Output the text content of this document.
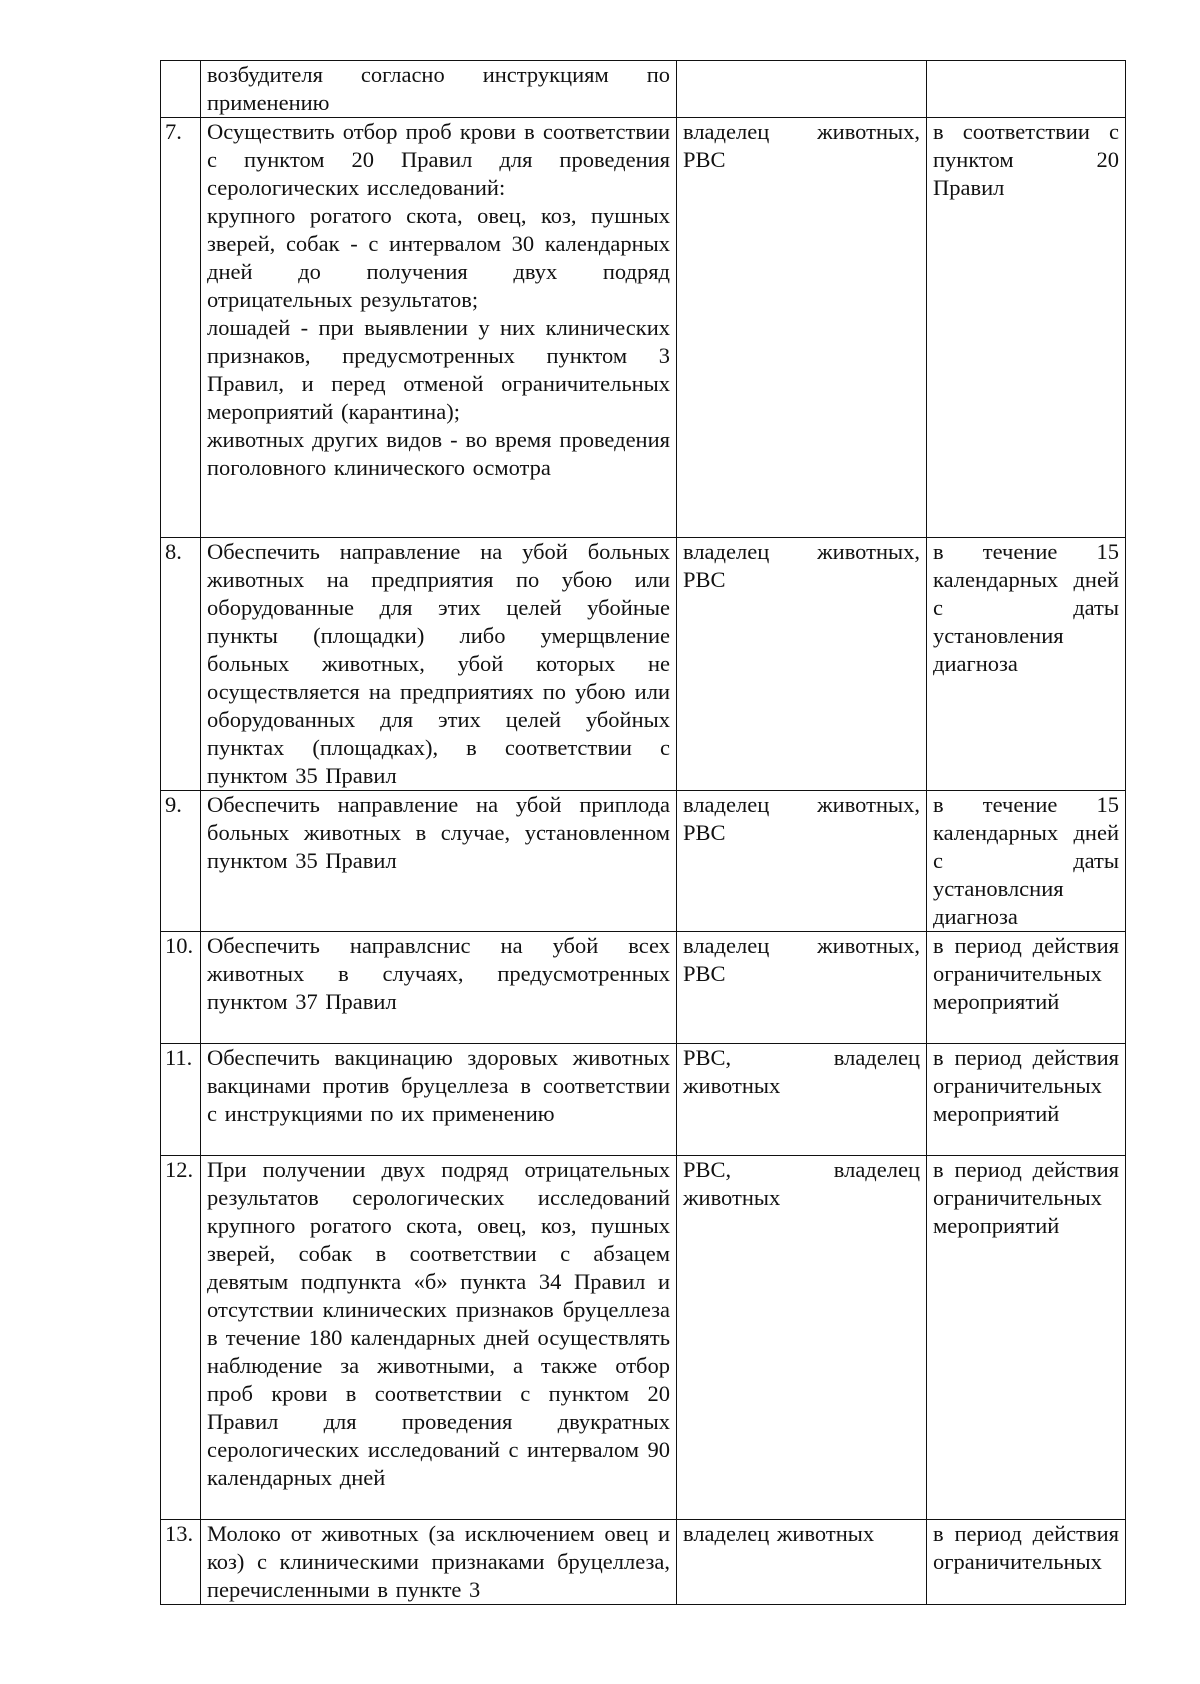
	возбудителя согласно инструкциям по применению		
7.	Осуществить отбор проб крови в соответствии с пунктом 20 Правил для проведения серологических исследований:
крупного рогатого скота, овец, коз, пушных зверей, собак - с интервалом 30 календарных дней до получения двух подряд отрицательных результатов;
лошадей - при выявлении у них клинических признаков, предусмотренных пунктом 3 Правил, и перед отменой ограничительных мероприятий (карантина);
животных других видов - во время проведения поголовного клинического осмотра	владелец животных, РВС	в соответствии с пунктом 20 Правил
8.	Обеспечить направление на убой больных животных на предприятия по убою или оборудованные для этих целей убойные пункты (площадки) либо умерщвление больных животных, убой которых не осуществляется на предприятиях по убою или оборудованных для этих целей убойных пунктах (площадках), в соответствии с пунктом 35 Правил	владелец животных, РВС	в течение 15 календарных дней с даты установления диагноза
9.	Обеспечить направление на убой приплода больных животных в случае, установленном пунктом 35 Правил	владелец животных, РВС	в течение 15 календарных дней с даты установлсния диагноза
10.	Обеспечить направлснис на убой всех животных в случаях, предусмотренных пунктом 37 Правил	владелец животных, РВС	в период действия ограничительных мероприятий
11.	Обеспечить вакцинацию здоровых животных вакцинами против бруцеллеза в соответствии с инструкциями по их применению	РВС, владелец животных	в период действия ограничительных мероприятий
12.	При получении двух подряд отрицательных результатов серологических исследований крупного рогатого скота, овец, коз, пушных зверей, собак в соответствии с абзацем девятым подпункта «б» пункта 34 Правил и отсутствии клинических признаков бруцеллеза в течение 180 календарных дней осуществлять наблюдение за животными, а также отбор проб крови в соответствии с пунктом 20 Правил для проведения двукратных серологических исследований с интервалом 90 календарных дней	РВС, владелец животных	в период действия ограничительных мероприятий
13.	Молоко от животных (за исключением овец и коз) с клиническими признаками бруцеллеза, перечисленными в пункте 3	владелец животных	в период действия ограничительных
